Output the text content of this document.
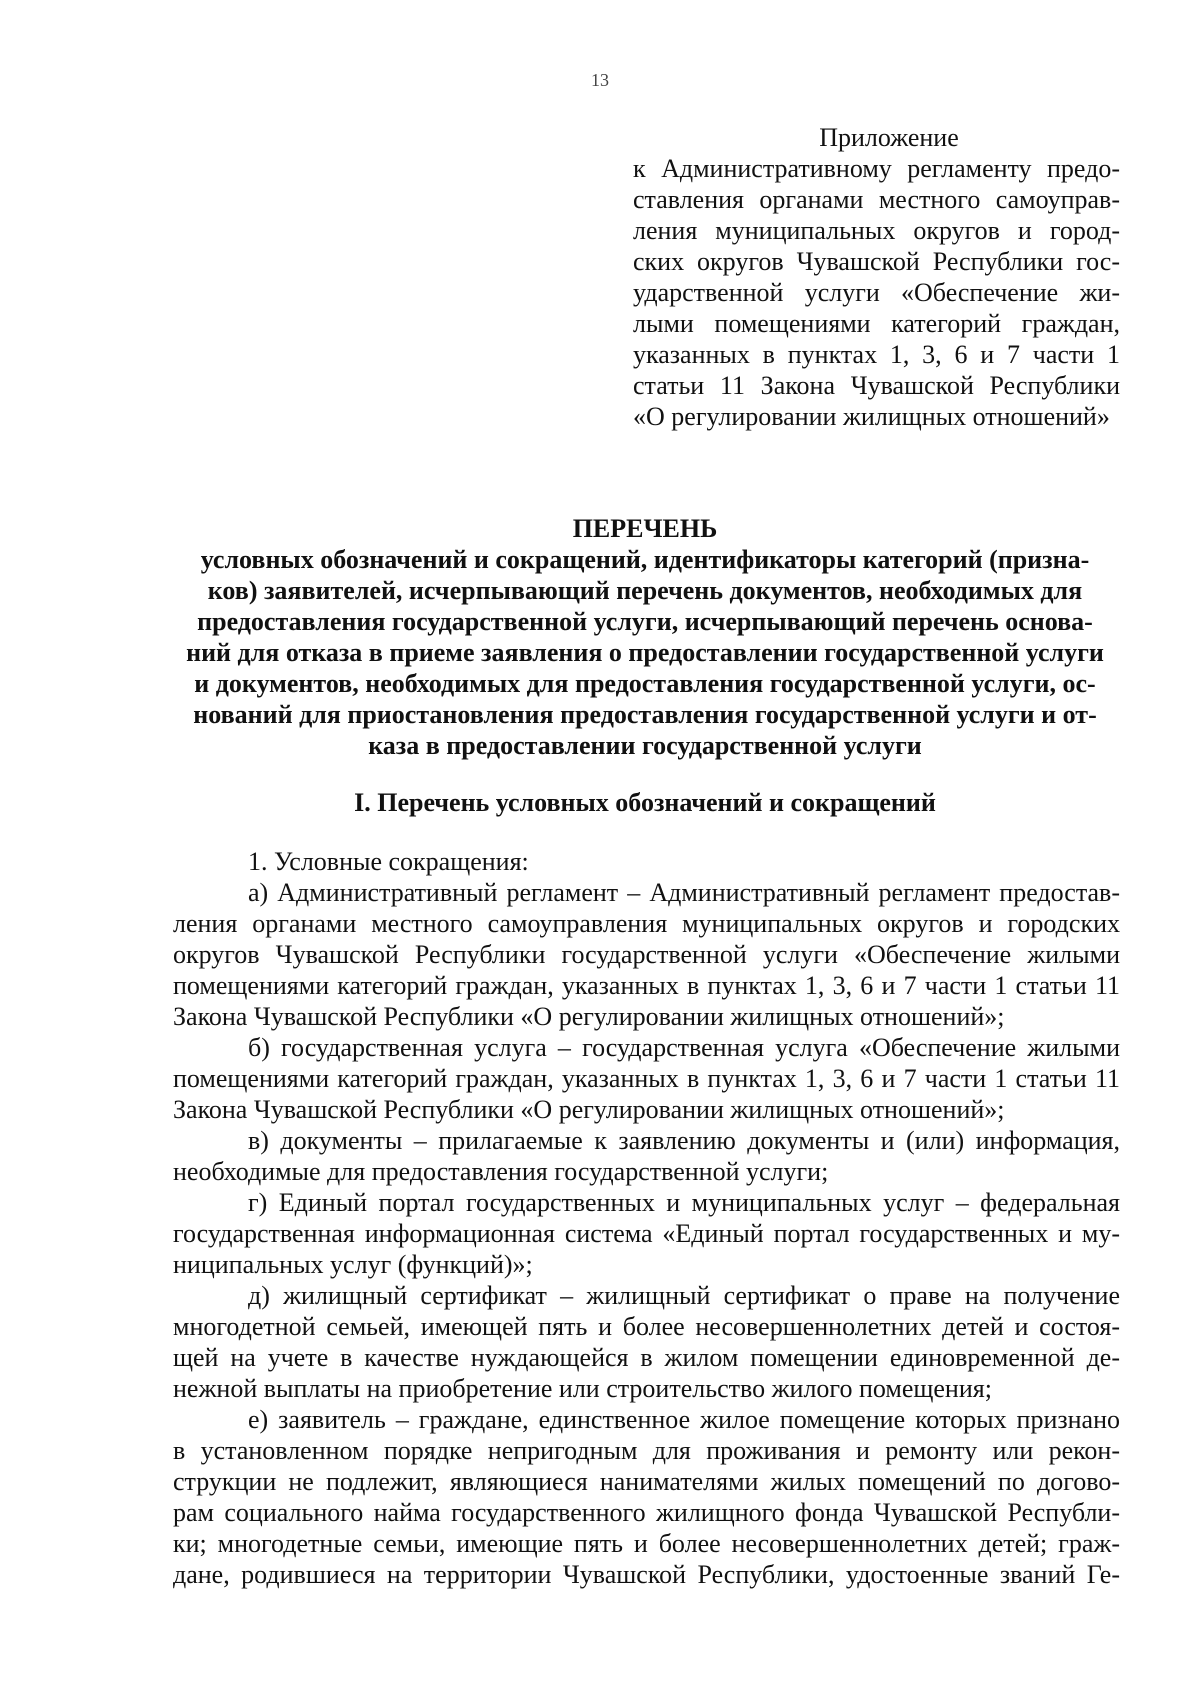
13
Приложение
к Административному регламенту предо-
ставления органами местного самоуправ-
ления муниципальных округов и город-
ских округов Чувашской Республики гос-
ударственной услуги «Обеспечение жи-
лыми помещениями категорий граждан,
указанных в пунктах 1, 3, 6 и 7 части 1
статьи 11 Закона Чувашской Республики
«О регулировании жилищных отношений»
ПЕРЕЧЕНЬ
условных обозначений и сокращений, идентификаторы категорий (призна-
ков) заявителей, исчерпывающий перечень документов, необходимых для
предоставления государственной услуги, исчерпывающий перечень основа-
ний для отказа в приеме заявления о предоставлении государственной услуги
и документов, необходимых для предоставления государственной услуги, ос-
нований для приостановления предоставления государственной услуги и от-
каза в предоставлении государственной услуги
I. Перечень условных обозначений и сокращений
1. Условные сокращения:
а) Административный регламент – Административный регламент предостав-
ления органами местного самоуправления муниципальных округов и городских
округов Чувашской Республики государственной услуги «Обеспечение жилыми
помещениями категорий граждан, указанных в пунктах 1, 3, 6 и 7 части 1 статьи 11
Закона Чувашской Республики «О регулировании жилищных отношений»;
б) государственная услуга – государственная услуга «Обеспечение жилыми
помещениями категорий граждан, указанных в пунктах 1, 3, 6 и 7 части 1 статьи 11
Закона Чувашской Республики «О регулировании жилищных отношений»;
в) документы – прилагаемые к заявлению документы и (или) информация,
необходимые для предоставления государственной услуги;
г) Единый портал государственных и муниципальных услуг – федеральная
государственная информационная система «Единый портал государственных и му-
ниципальных услуг (функций)»;
д) жилищный сертификат – жилищный сертификат о праве на получение
многодетной семьей, имеющей пять и более несовершеннолетних детей и состоя-
щей на учете в качестве нуждающейся в жилом помещении единовременной де-
нежной выплаты на приобретение или строительство жилого помещения;
е) заявитель – граждане, единственное жилое помещение которых признано
в установленном порядке непригодным для проживания и ремонту или рекон-
струкции не подлежит, являющиеся нанимателями жилых помещений по догово-
рам социального найма государственного жилищного фонда Чувашской Республи-
ки; многодетные семьи, имеющие пять и более несовершеннолетних детей; граж-
дане, родившиеся на территории Чувашской Республики, удостоенные званий Ге-
